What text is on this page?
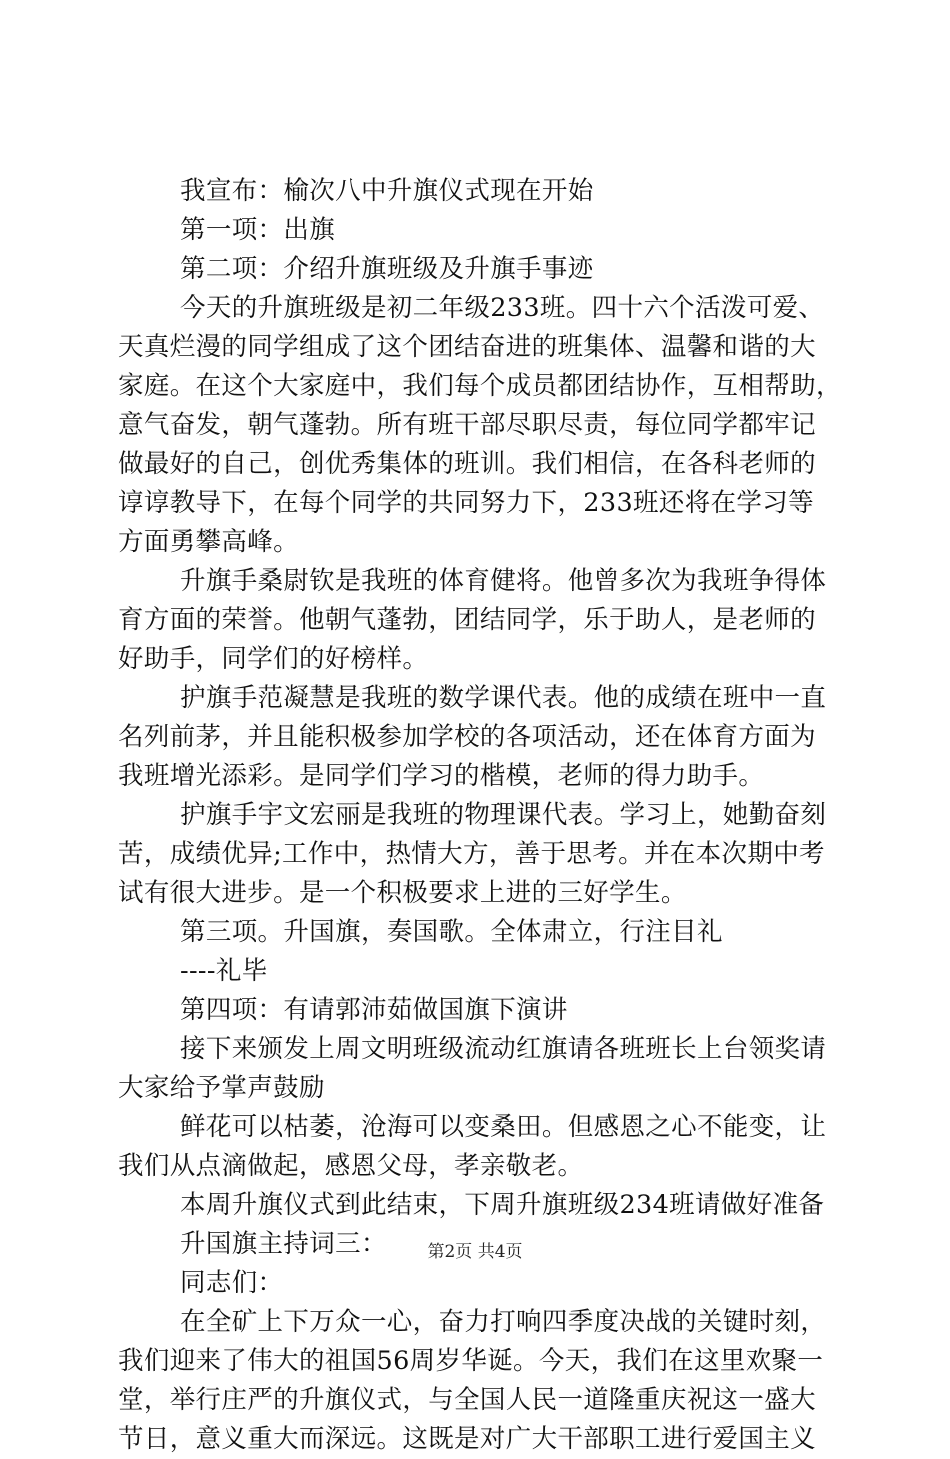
我宣布：榆次八中升旗仪式现在开始
第一项：出旗
第二项：介绍升旗班级及升旗手事迹
今天的升旗班级是初二年级233班。四十六个活泼可爱、
天真烂漫的同学组成了这个团结奋进的班集体、温馨和谐的大
家庭。在这个大家庭中，我们每个成员都团结协作，互相帮助，
意气奋发，朝气蓬勃。所有班干部尽职尽责，每位同学都牢记
做最好的自己，创优秀集体的班训。我们相信，在各科老师的
谆谆教导下，在每个同学的共同努力下，233班还将在学习等
方面勇攀高峰。
升旗手桑尉钦是我班的体育健将。他曾多次为我班争得体
育方面的荣誉。他朝气蓬勃，团结同学，乐于助人，是老师的
好助手，同学们的好榜样。
护旗手范凝慧是我班的数学课代表。他的成绩在班中一直
名列前茅，并且能积极参加学校的各项活动，还在体育方面为
我班增光添彩。是同学们学习的楷模，老师的得力助手。
护旗手宇文宏丽是我班的物理课代表。学习上，她勤奋刻
苦，成绩优异;工作中，热情大方，善于思考。并在本次期中考
试有很大进步。是一个积极要求上进的三好学生。
第三项。升国旗，奏国歌。全体肃立，行注目礼
----礼毕
第四项：有请郭沛茹做国旗下演讲
接下来颁发上周文明班级流动红旗请各班班长上台领奖请
大家给予掌声鼓励
鲜花可以枯萎，沧海可以变桑田。但感恩之心不能变，让
我们从点滴做起，感恩父母，孝亲敬老。
本周升旗仪式到此结束，下周升旗班级234班请做好准备
升国旗主持词三：
同志们：
在全矿上下万众一心，奋力打响四季度决战的关键时刻，
我们迎来了伟大的祖国56周岁华诞。今天，我们在这里欢聚一
堂，举行庄严的升旗仪式，与全国人民一道隆重庆祝这一盛大
节日，意义重大而深远。这既是对广大干部职工进行爱国主义
第2页 共4页
